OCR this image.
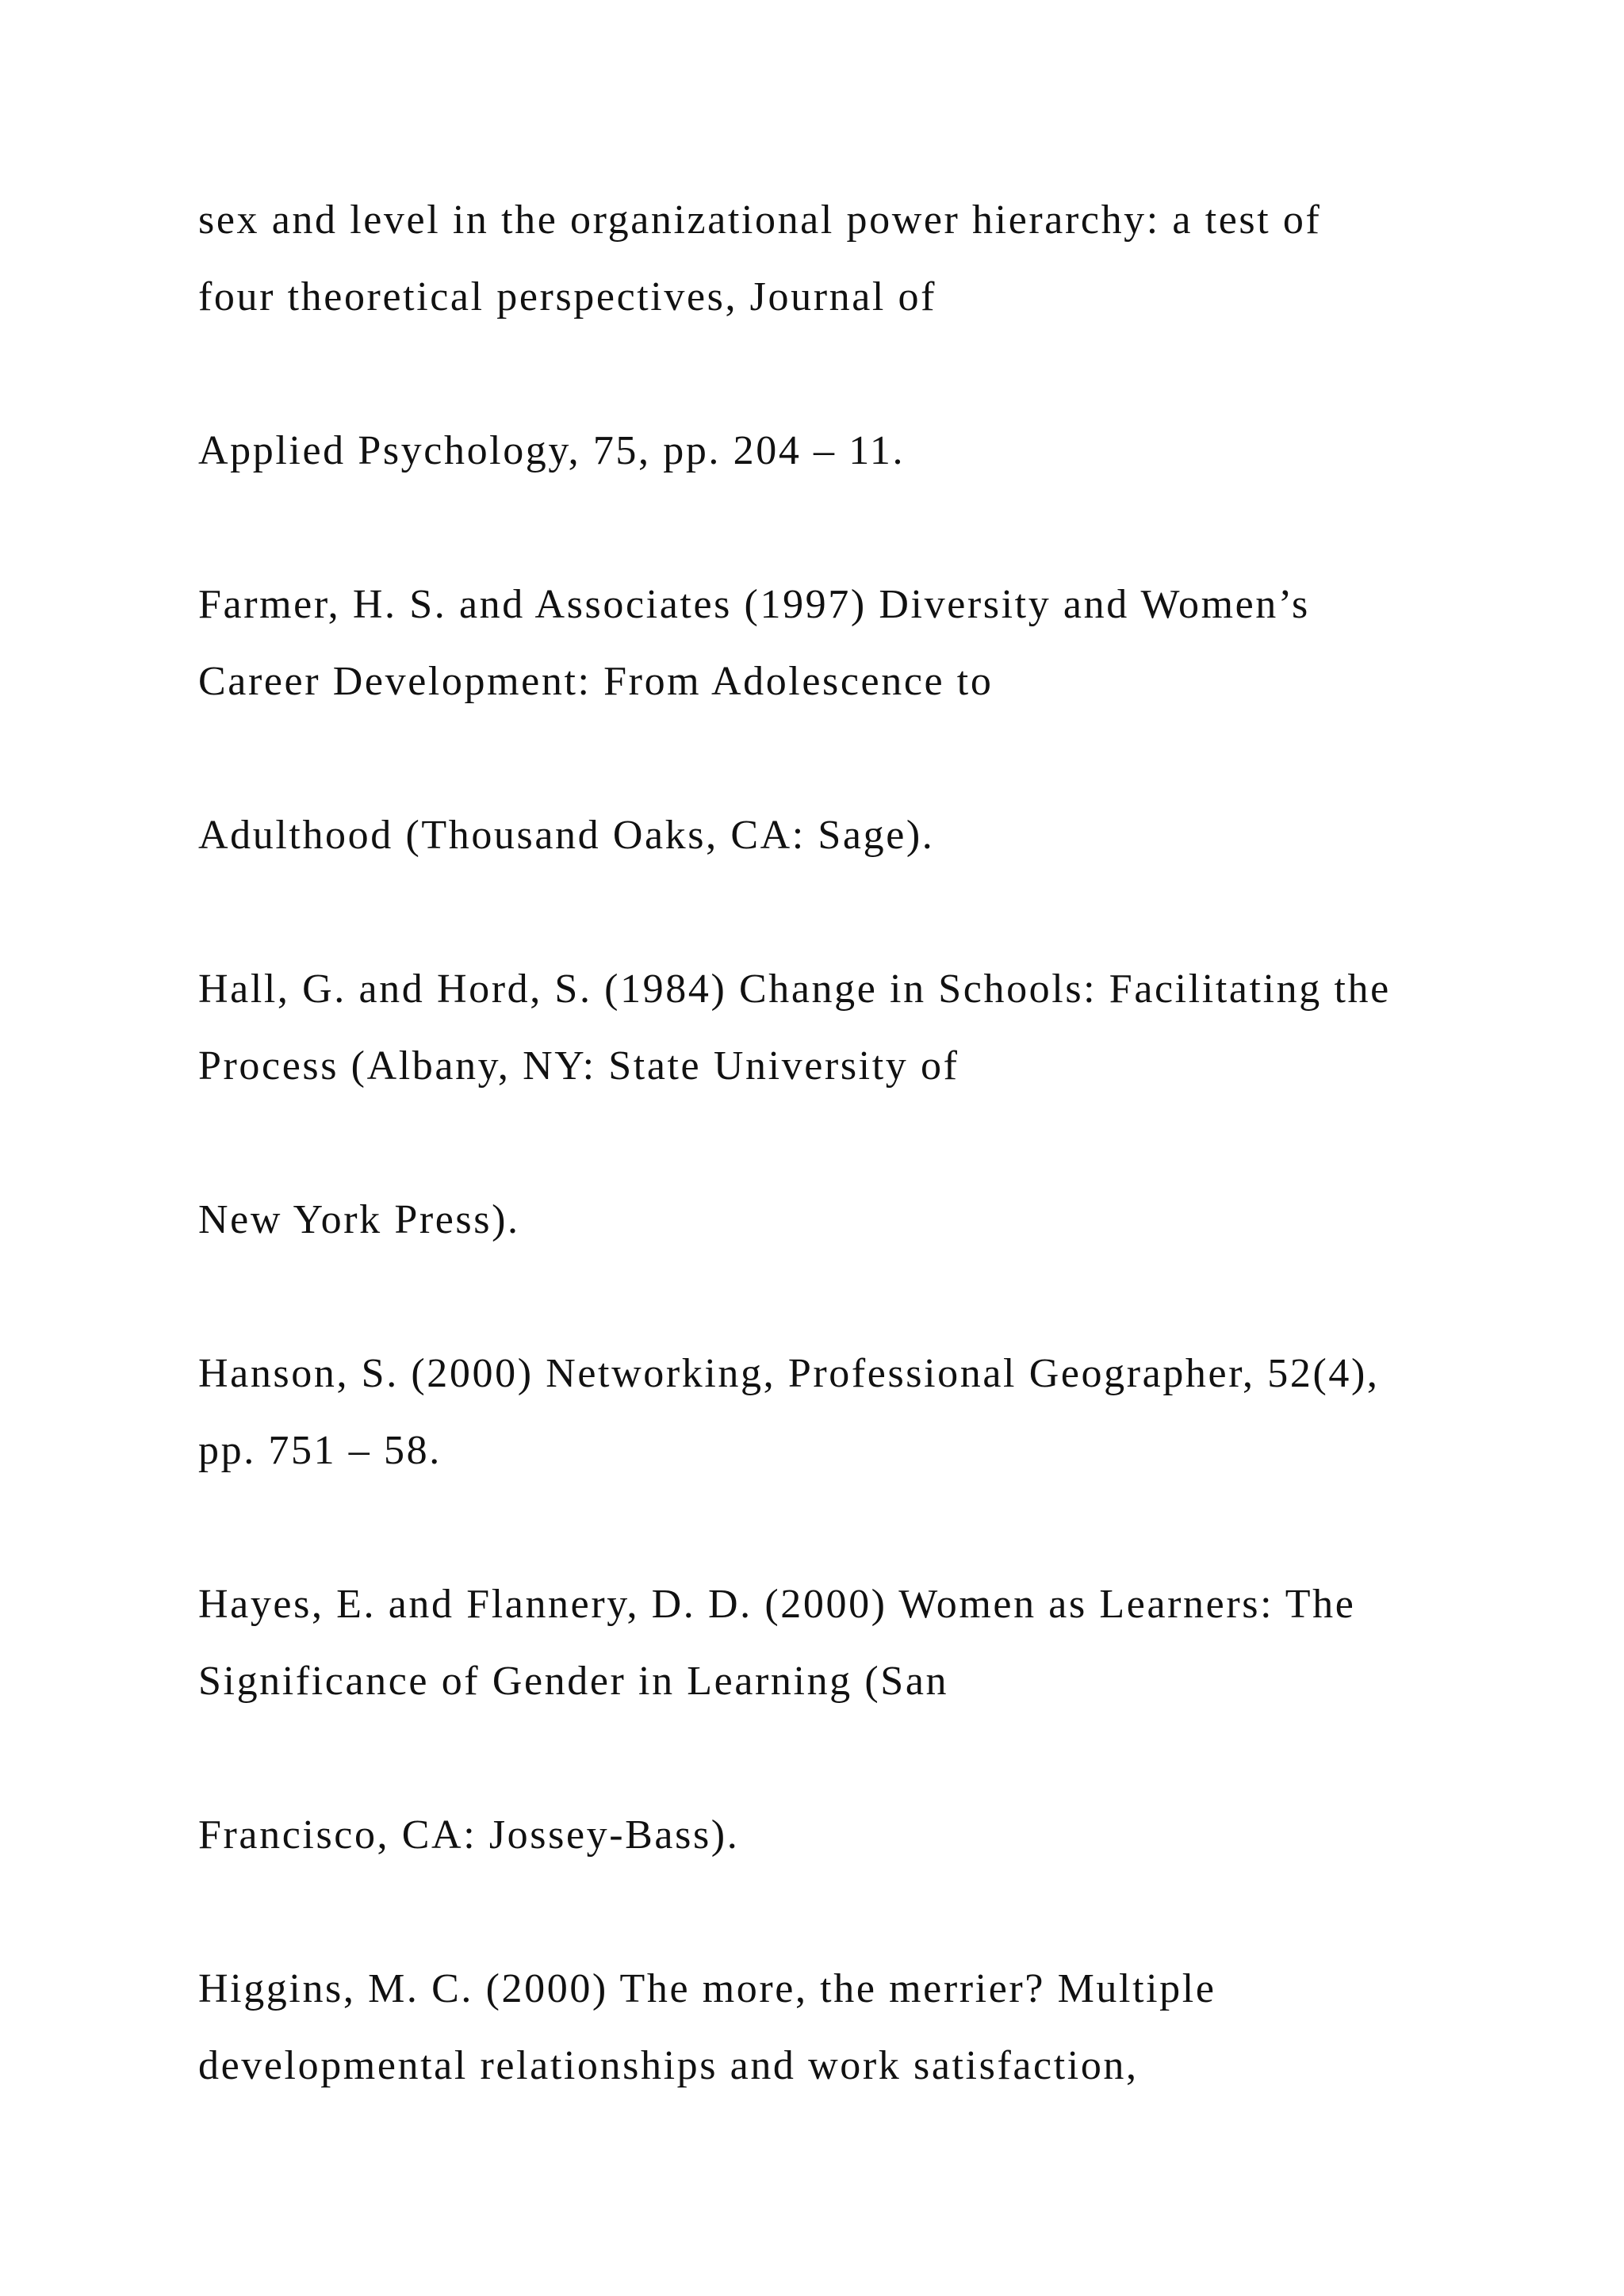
sex and level in the organizational power hierarchy: a test of

four theoretical perspectives, Journal of

Applied Psychology, 75, pp. 204 – 11.

Farmer, H. S. and Associates (1997) Diversity and Women’s

Career Development: From Adolescence to

Adulthood (Thousand Oaks, CA: Sage).

Hall, G. and Hord, S. (1984) Change in Schools: Facilitating the

Process (Albany, NY: State University of

New York Press).

Hanson, S. (2000) Networking, Professional Geographer, 52(4),

pp. 751 – 58.

Hayes, E. and Flannery, D. D. (2000) Women as Learners: The

Significance of Gender in Learning (San

Francisco, CA: Jossey-Bass).

Higgins, M. C. (2000) The more, the merrier? Multiple

developmental relationships and work satisfaction,
